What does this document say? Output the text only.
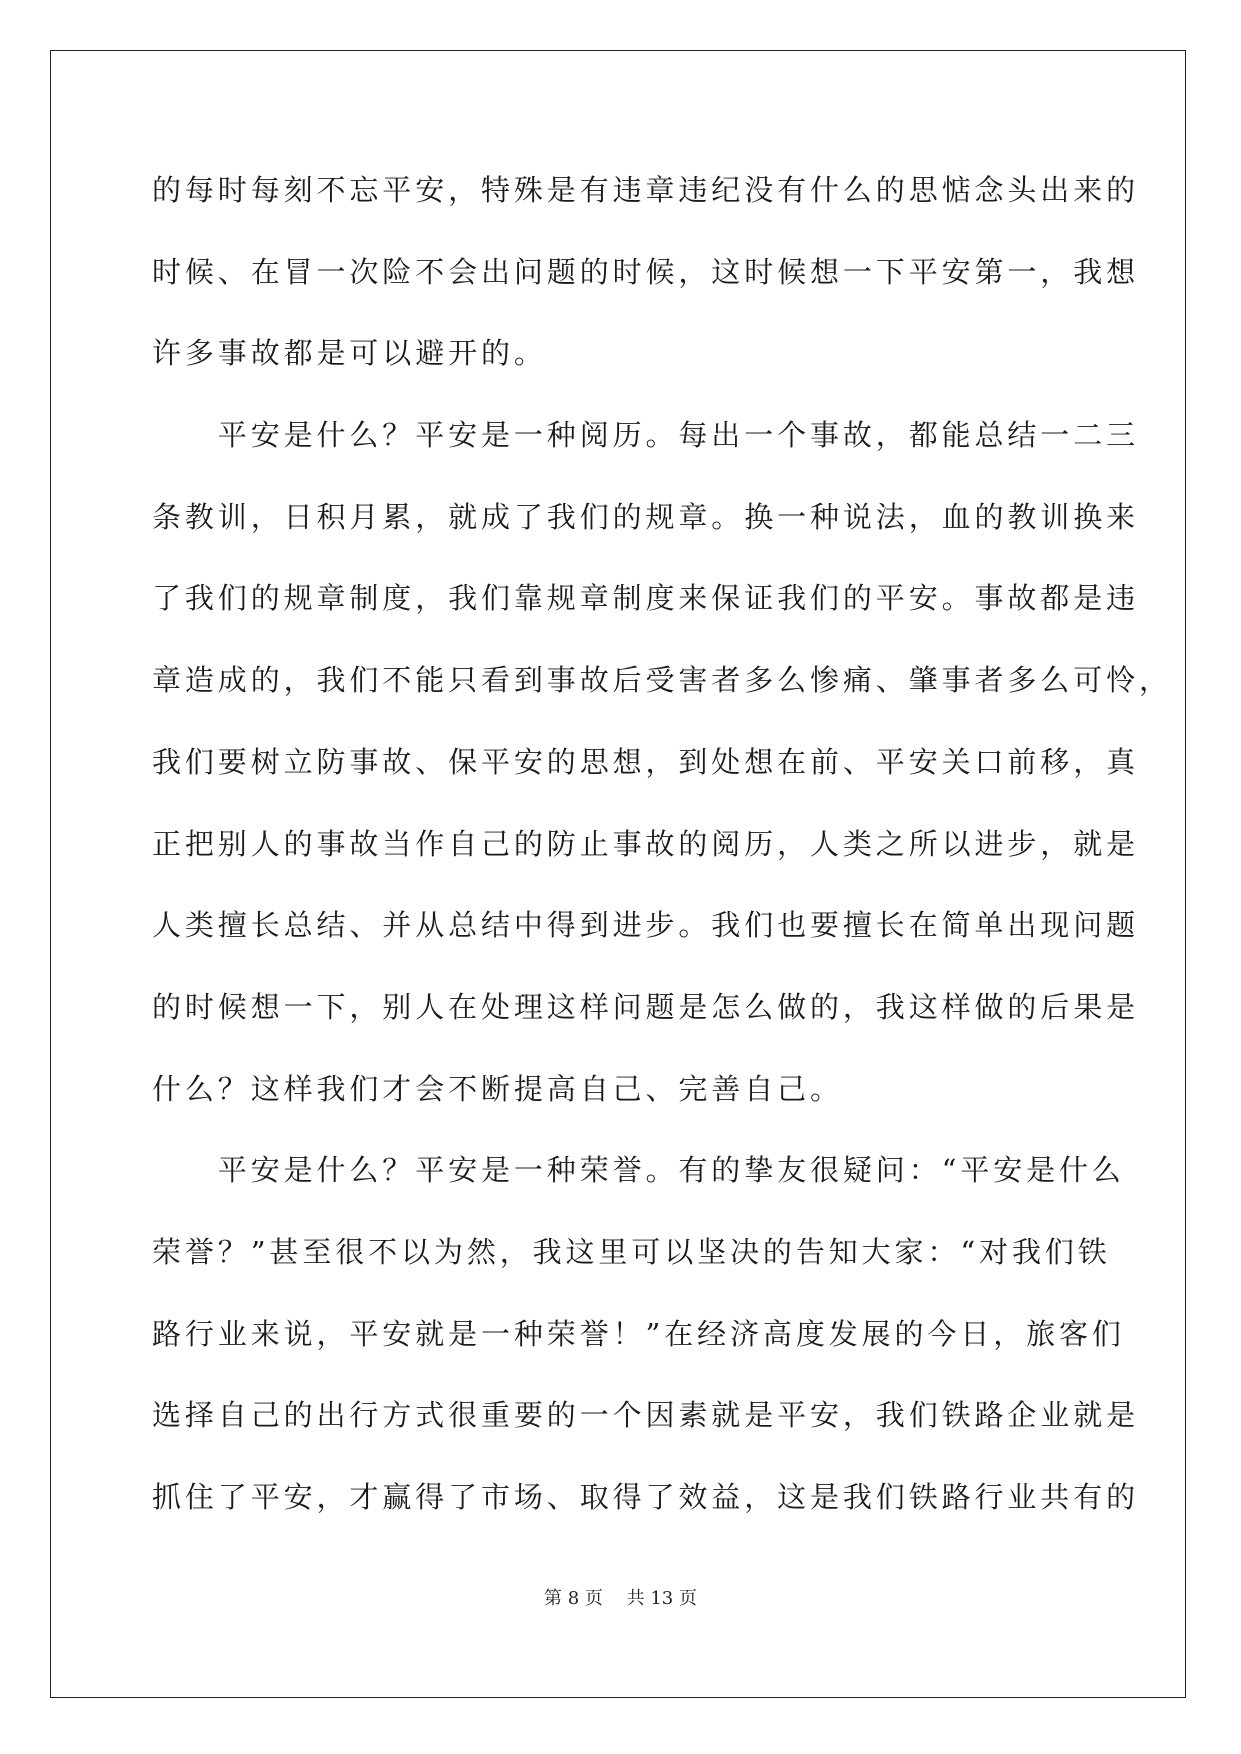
的每时每刻不忘平安，特殊是有违章违纪没有什么的思惦念头出来的
时候、在冒一次险不会出问题的时候，这时候想一下平安第一，我想
许多事故都是可以避开的。
　　平安是什么？平安是一种阅历。每出一个事故，都能总结一二三
条教训，日积月累，就成了我们的规章。换一种说法，血的教训换来
了我们的规章制度，我们靠规章制度来保证我们的平安。事故都是违
章造成的，我们不能只看到事故后受害者多么惨痛、肇事者多么可怜，
我们要树立防事故、保平安的思想，到处想在前、平安关口前移，真
正把别人的事故当作自己的防止事故的阅历，人类之所以进步，就是
人类擅长总结、并从总结中得到进步。我们也要擅长在简单出现问题
的时候想一下，别人在处理这样问题是怎么做的，我这样做的后果是
什么？这样我们才会不断提高自己、完善自己。
　　平安是什么？平安是一种荣誉。有的挚友很疑问：“平安是什么
荣誉？”甚至很不以为然，我这里可以坚决的告知大家：“对我们铁
路行业来说，平安就是一种荣誉！”在经济高度发展的今日，旅客们
选择自己的出行方式很重要的一个因素就是平安，我们铁路企业就是
抓住了平安，才赢得了市场、取得了效益，这是我们铁路行业共有的
第 8 页　 共 13 页
